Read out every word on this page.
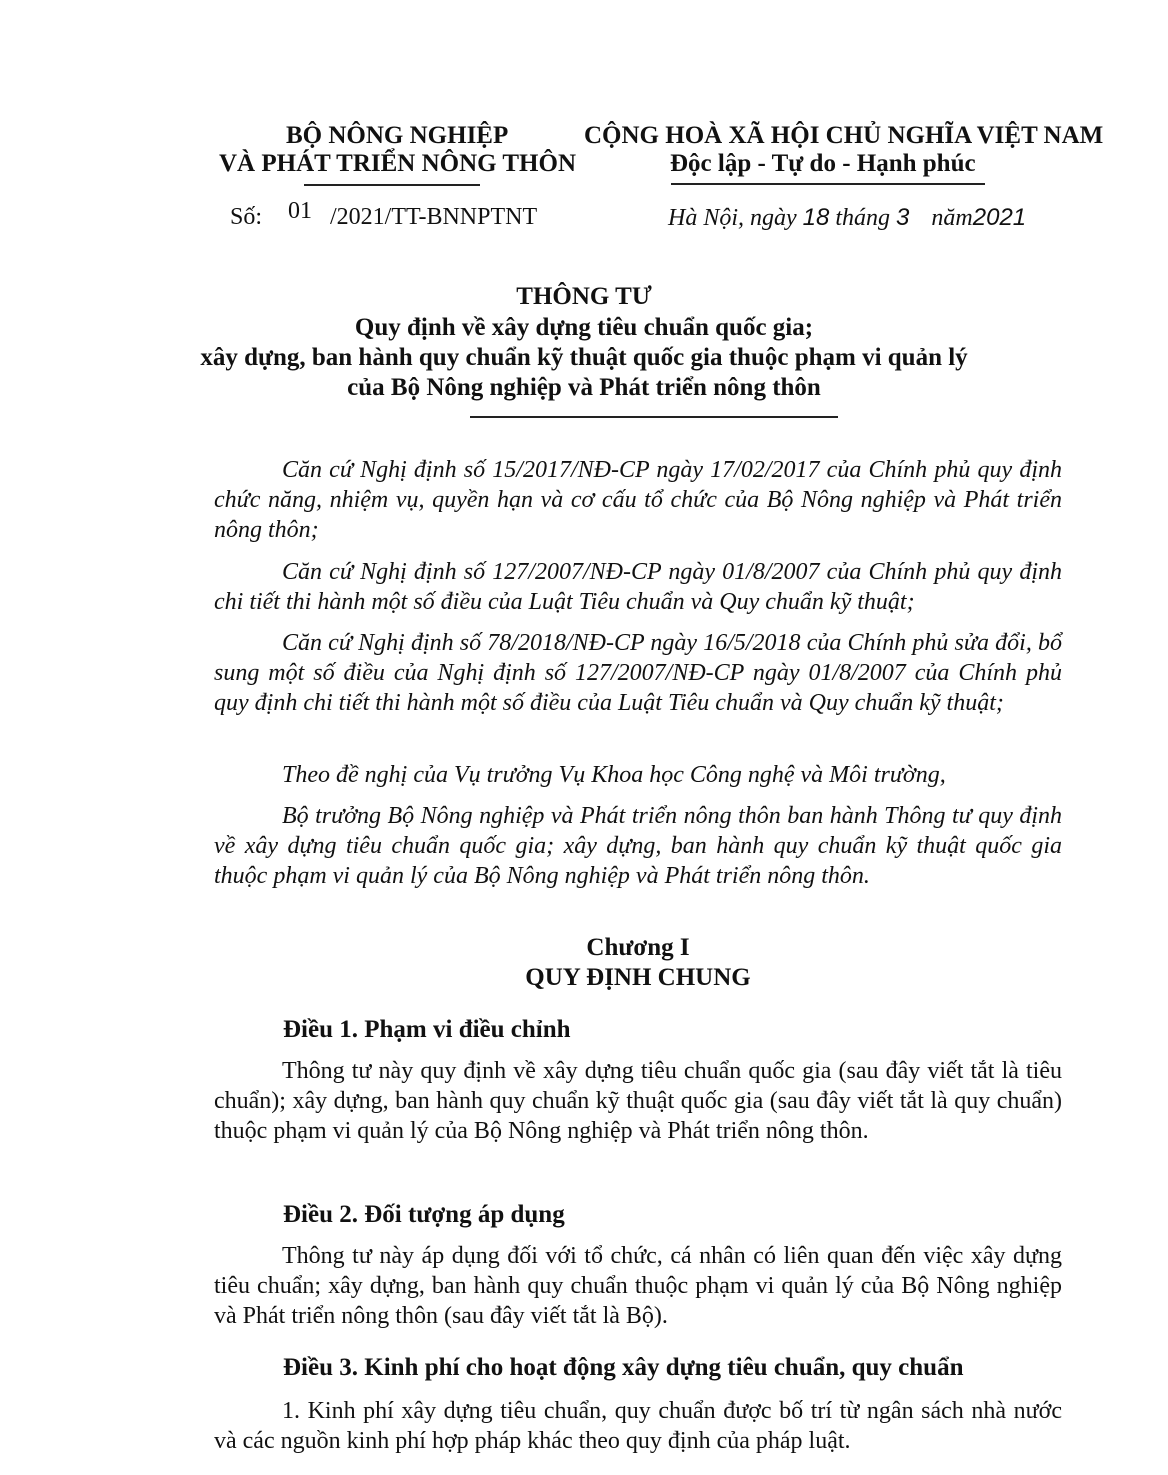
BỘ NÔNG NGHIỆP
VÀ PHÁT TRIỂN NÔNG THÔN
CỘNG HOÀ XÃ HỘI CHỦ NGHĨA VIỆT NAM
Độc lập - Tự do - Hạnh phúc
Số: 01 /2021/TT-BNNPTNT	Hà Nội, ngày 18 tháng 3 năm2021
THÔNG TƯ
Quy định về xây dựng tiêu chuẩn quốc gia;
xây dựng, ban hành quy chuẩn kỹ thuật quốc gia thuộc phạm vi quản lý
của Bộ Nông nghiệp và Phát triển nông thôn
Căn cứ Nghị định số 15/2017/NĐ-CP ngày 17/02/2017 của Chính phủ quy định chức năng, nhiệm vụ, quyền hạn và cơ cấu tổ chức của Bộ Nông nghiệp và Phát triển nông thôn;
Căn cứ Nghị định số 127/2007/NĐ-CP ngày 01/8/2007 của Chính phủ quy định chi tiết thi hành một số điều của Luật Tiêu chuẩn và Quy chuẩn kỹ thuật;
Căn cứ Nghị định số 78/2018/NĐ-CP ngày 16/5/2018 của Chính phủ sửa đổi, bổ sung một số điều của Nghị định số 127/2007/NĐ-CP ngày 01/8/2007 của Chính phủ quy định chi tiết thi hành một số điều của Luật Tiêu chuẩn và Quy chuẩn kỹ thuật;
Theo đề nghị của Vụ trưởng Vụ Khoa học Công nghệ và Môi trường,
Bộ trưởng Bộ Nông nghiệp và Phát triển nông thôn ban hành Thông tư quy định về xây dựng tiêu chuẩn quốc gia; xây dựng, ban hành quy chuẩn kỹ thuật quốc gia thuộc phạm vi quản lý của Bộ Nông nghiệp và Phát triển nông thôn.
Chương I
QUY ĐỊNH CHUNG
Điều 1. Phạm vi điều chỉnh
Thông tư này quy định về xây dựng tiêu chuẩn quốc gia (sau đây viết tắt là tiêu chuẩn); xây dựng, ban hành quy chuẩn kỹ thuật quốc gia (sau đây viết tắt là quy chuẩn) thuộc phạm vi quản lý của Bộ Nông nghiệp và Phát triển nông thôn.
Điều 2. Đối tượng áp dụng
Thông tư này áp dụng đối với tổ chức, cá nhân có liên quan đến việc xây dựng tiêu chuẩn; xây dựng, ban hành quy chuẩn thuộc phạm vi quản lý của Bộ Nông nghiệp và Phát triển nông thôn (sau đây viết tắt là Bộ).
Điều 3. Kinh phí cho hoạt động xây dựng tiêu chuẩn, quy chuẩn
1. Kinh phí xây dựng tiêu chuẩn, quy chuẩn được bố trí từ ngân sách nhà nước và các nguồn kinh phí hợp pháp khác theo quy định của pháp luật.
